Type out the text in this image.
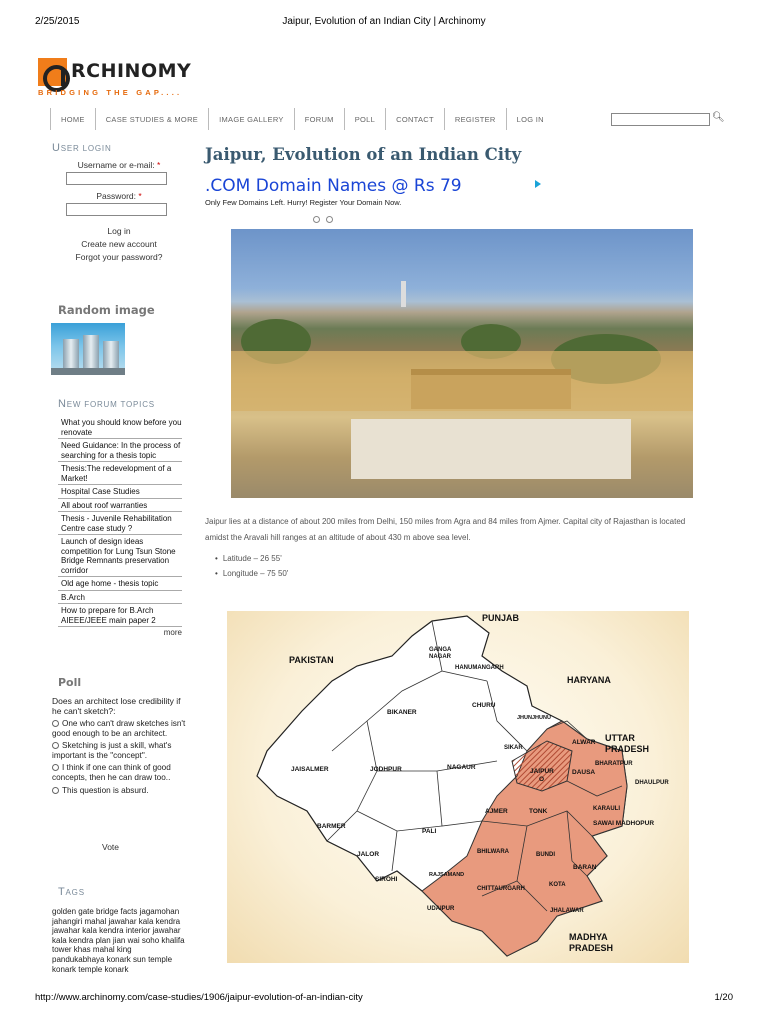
2/25/2015	Jaipur, Evolution of an Indian City | Archinomy
RCHINOMY
BRIDGING THE GAP....
HOME	CASE STUDIES & MORE	IMAGE GALLERY	FORUM	POLL	CONTACT	REGISTER	LOG IN	🔍︎
USER LOGIN
Username or e-mail: *
Password: *
Log in
Create new account
Forgot your password?
Random image
NEW FORUM TOPICS
What you should know before you renovate
Need Guidance: In the process of searching for a thesis topic
Thesis:The redevelopment of a Market!
Hospital Case Studies
All about roof warranties
Thesis - Juvenile Rehabilitation Centre case study ?
Launch of design ideas competition for Lung Tsun Stone Bridge Remnants preservation corridor
Old age home - thesis topic
B.Arch
How to prepare for B.Arch AIEEE/JEEE main paper 2
more
Poll
Does an architect lose credibility if he can't sketch?:
One who can't draw sketches isn't good enough to be an architect.
Sketching is just a skill, what's important is the "concept".
I think if one can think of good concepts, then he can draw too..
This question is absurd.
Vote
TAGS
golden gate bridge facts jagamohan jahangiri mahal jawahar kala kendra jawahar kala kendra interior jawahar kala kendra plan jian wai soho khalifa tower khas mahal king pandukabhaya konark sun temple konark temple konark
Jaipur, Evolution of an Indian City
.COM Domain Names @ Rs 79
Only Few Domains Left. Hurry! Register Your Domain Now.

Jaipur lies at a distance of about 200 miles from Delhi, 150 miles from Agra and 84 miles from Ajmer. Capital city of Rajasthan is located amidst the Aravali hill ranges at an altitude of about 430 m above sea level.

• Latitude – 26 55'
• Longitude – 75 50'
PUNJAB
PAKISTAN
HARYANA
GANGA
NAGAR
HANUMANGARH
CHURU
BIKANER
JHUNJHUNU
SIKAR
ALWAR UTTAR
PRADESH
JAISALMER	JODHPUR	NAGAUR
JAIPUR
O
DAUSA
BHARATPUR
DHAULPUR
AJMER	TONK	KARAULI
SAWAI MADHOPUR
BARMER
PALI
BHILWARA	BUNDI
JALOR
SIROHI
BARAN
KOTA
RAJSAMAND
CHITTAURGARH
UDAIPUR	JHALAWAR
MADHYA
PRADESH
http://www.archinomy.com/case-studies/1906/jaipur-evolution-of-an-indian-city	1/20
